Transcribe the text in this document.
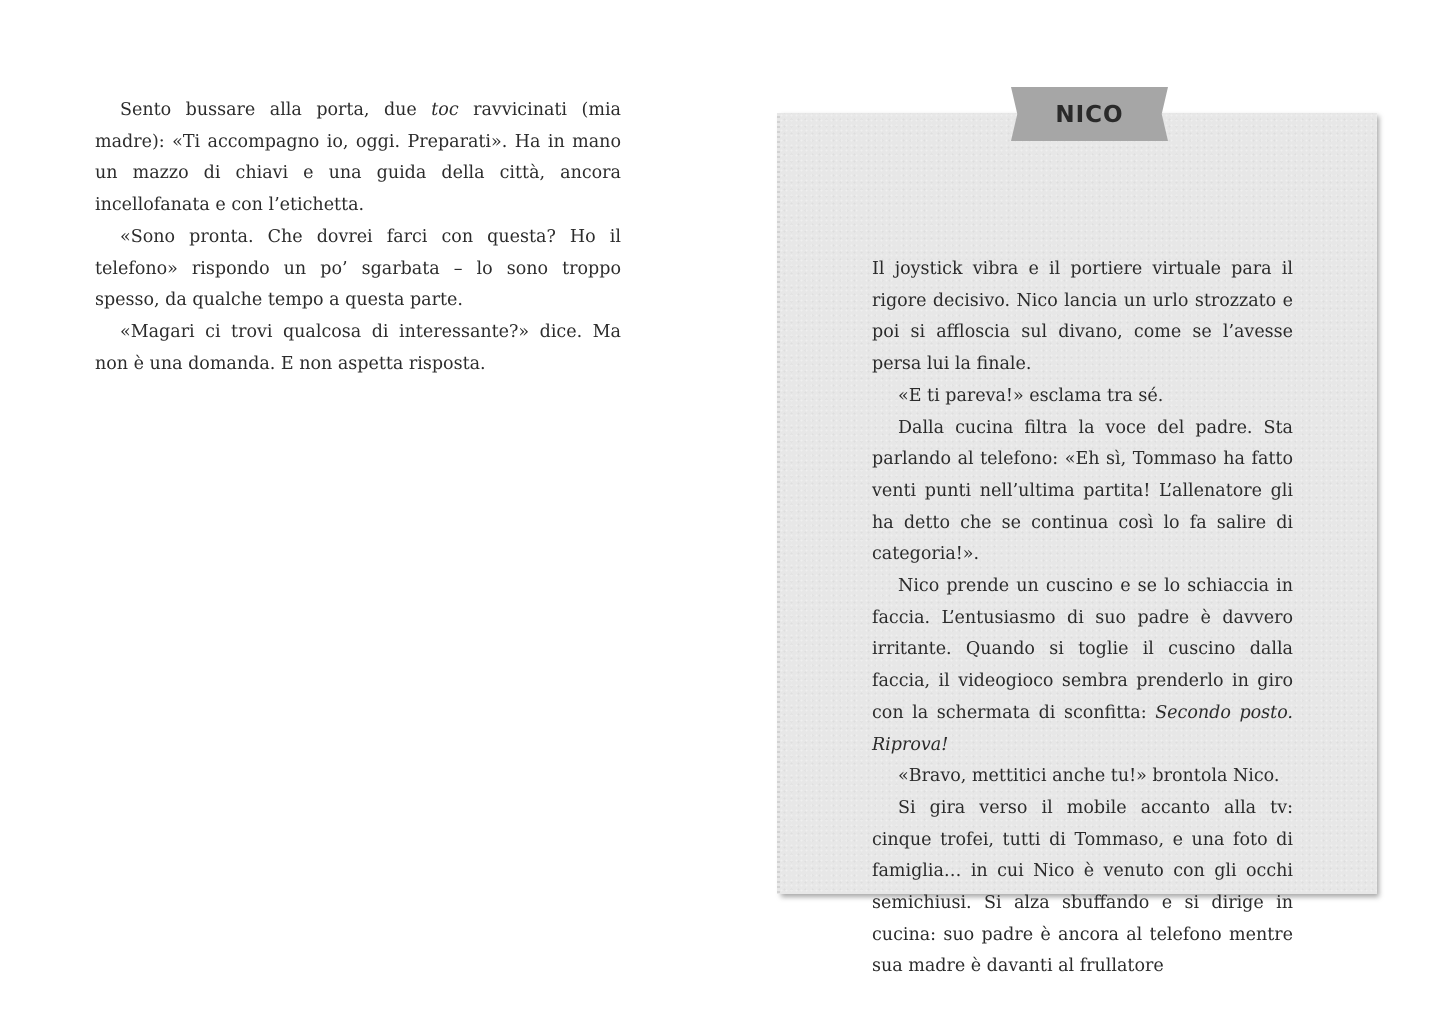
Sento bussare alla porta, due toc ravvicinati (mia madre): «Ti accompagno io, oggi. Preparati». Ha in mano un mazzo di chiavi e una guida della città, ancora incellofanata e con l’etichetta.

«Sono pronta. Che dovrei farci con questa? Ho il telefono» rispondo un po’ sgarbata – lo sono troppo spesso, da qualche tempo a questa parte.

«Magari ci trovi qualcosa di interessante?» dice. Ma non è una domanda. E non aspetta risposta.

NICO

Il joystick vibra e il portiere virtuale para il rigore decisivo. Nico lancia un urlo strozzato e poi si affloscia sul divano, come se l’avesse persa lui la finale.

«E ti pareva!» esclama tra sé.

Dalla cucina filtra la voce del padre. Sta parlando al telefono: «Eh sì, Tommaso ha fatto venti punti nell’ultima partita! L’allenatore gli ha detto che se continua così lo fa salire di categoria!».

Nico prende un cuscino e se lo schiaccia in faccia. L’entusiasmo di suo padre è davvero irritante. Quando si toglie il cuscino dalla faccia, il videogioco sembra prenderlo in giro con la schermata di sconfitta: Secondo posto. Riprova!

«Bravo, mettitici anche tu!» brontola Nico.

Si gira verso il mobile accanto alla tv: cinque trofei, tutti di Tommaso, e una foto di famiglia… in cui Nico è venuto con gli occhi semichiusi. Si alza sbuffando e si dirige in cucina: suo padre è ancora al telefono mentre sua madre è davanti al frullatore
